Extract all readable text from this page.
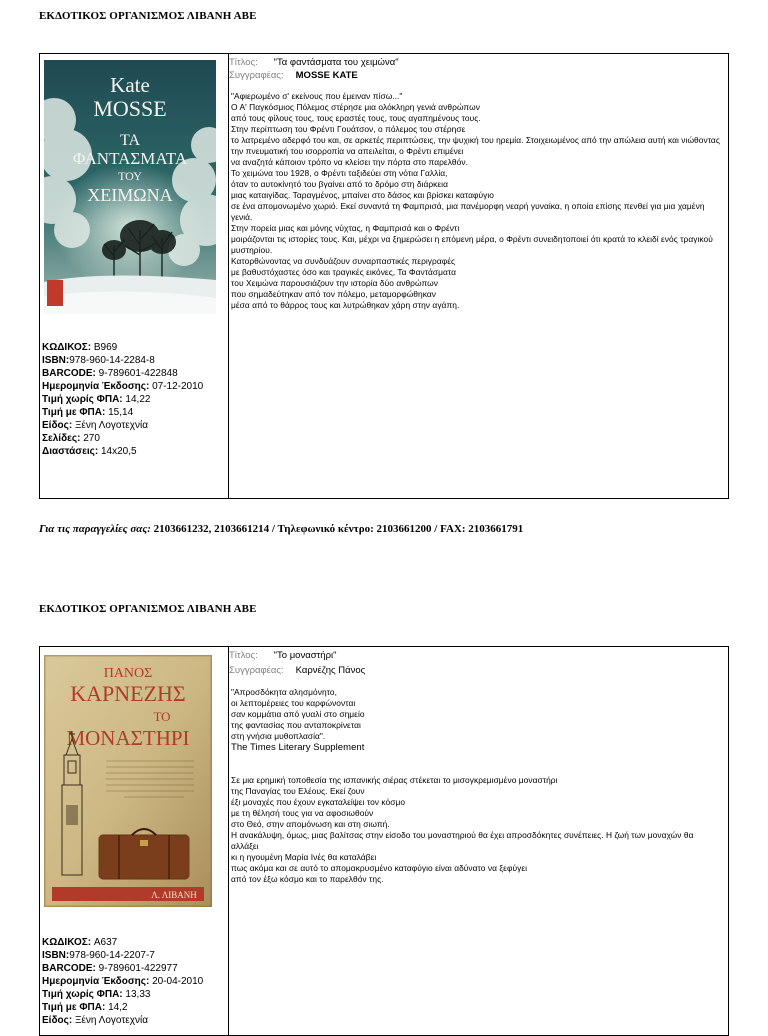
ΕΚΔΟΤΙΚΟΣ ΟΡΓΑΝΙΣΜΟΣ ΛΙΒΑΝΗ ΑΒΕ
Kate
MOSSE
ΤΑ
ΦΑΝΤΑΣΜΑΤΑ
ΤΟΥ
ΧΕΙΜΩΝΑ
ΚΩΔΙΚΟΣ: B969
ISBN:978-960-14-2284-8
BARCODE: 9-789601-422848
Ημερομηνία Έκδοσης: 07-12-2010
Τιμή χωρίς ΦΠΑ: 14,22
Τιμή με ΦΠΑ: 15,14
Είδος: Ξένη Λογοτεχνία
Σελίδες: 270
Διαστάσεις: 14x20,5
Τίτλος: "Τα φαντάσματα του χειμώνα"
Συγγραφέας: MOSSE KATE
"Αφιερωμένο σ' εκείνους που έμειναν πίσω..."
Ο Α' Παγκόσμιος Πόλεμος στέρησε μια ολόκληρη γενιά ανθρώπων
από τους φίλους τους, τους εραστές τους, τους αγαπημένους τους.
Στην περίπτωση του Φρέντι Γουάτσον, ο πόλεμος του στέρησε
το λατρεμένο αδερφό του και, σε αρκετές περιπτώσεις, την ψυχική του ηρεμία. Στοιχειωμένος από την απώλεια αυτή και νιώθοντας
την πνευματική του ισορροπία να απειλείται, ο Φρέντι επιμένει
να αναζητά κάποιον τρόπο να κλείσει την πόρτα στο παρελθόν.
Το χειμώνα του 1928, ο Φρέντι ταξιδεύει στη νότια Γαλλία,
όταν το αυτοκίνητό του βγαίνει από το δρόμο στη διάρκεια
μιας καταιγίδας. Ταραγμένος, μπαίνει στο δάσος και βρίσκει καταφύγιο
σε ένα απομονωμένο χωριό. Εκεί συναντά τη Φαμπρισά, μια πανέμορφη νεαρή γυναίκα, η οποία επίσης πενθεί για μια χαμένη γενιά.
Στην πορεία μιας και μόνης νύχτας, η Φαμπρισά και ο Φρέντι
μοιράζονται τις ιστορίες τους. Και, μέχρι να ξημερώσει η επόμενη μέρα, ο Φρέντι συνειδητοποιεί ότι κρατά το κλειδί ενός τραγικού μυστηρίου.
Κατορθώνοντας να συνδυάζουν συναρπαστικές περιγραφές
με βαθυστόχαστες όσο και τραγικές εικόνες, Τα Φαντάσματα
του Χειμώνα παρουσιάζουν την ιστορία δύο ανθρώπων
που σημαδεύτηκαν από τον πόλεμο, μεταμορφώθηκαν
μέσα από το θάρρος τους και λυτρώθηκαν χάρη στην αγάπη.
Για τις παραγγελίες σας: 2103661232, 2103661214 / Τηλεφωνικό κέντρο: 2103661200 / FAX: 2103661791
ΕΚΔΟΤΙΚΟΣ ΟΡΓΑΝΙΣΜΟΣ ΛΙΒΑΝΗ ΑΒΕ
ΠΑΝΟΣ
ΚΑΡΝΕΖΗΣ
ΤΟ
ΜΟΝΑΣΤΗΡΙ
Λ. ΛΙΒΑΝΗ
ΚΩΔΙΚΟΣ: A637
ISBN:978-960-14-2207-7
BARCODE: 9-789601-422977
Ημερομηνία Έκδοσης: 20-04-2010
Τιμή χωρίς ΦΠΑ: 13,33
Τιμή με ΦΠΑ: 14,2
Είδος: Ξένη Λογοτεχνία
Τίτλος: "Το μοναστήρι"
Συγγραφέας: Καρνέζης Πάνος
"Απροσδόκητα αλησμόνητο,
οι λεπτομέρειες του καρφώνονται
σαν κομμάτια από γυαλί στο σημείο
της φαντασίας που ανταποκρίνεται
στη γνήσια μυθοπλασία".
The Times Literary Supplement
Σε μια ερημική τοποθεσία της ισπανικής σιέρας στέκεται το μισογκρεμισμένο μοναστήρι
της Παναγίας του Ελέους. Εκεί ζουν
έξι μοναχές που έχουν εγκαταλείψει τον κόσμο
με τη θέλησή τους για να αφοσιωθούν
στο Θεό, στην απομόνωση και στη σιωπή.
Η ανακάλυψη, όμως, μιας βαλίτσας στην είσοδο του μοναστηριού θα έχει απροσδόκητες συνέπειες. Η ζωή των μοναχών θα αλλάξει
κι η ηγουμένη Μαρία Ινές θα καταλάβει
πως ακόμα και σε αυτό το απομακρυσμένο καταφύγιο είναι αδύνατο να ξεφύγει
από τον έξω κόσμο και το παρελθόν της.
